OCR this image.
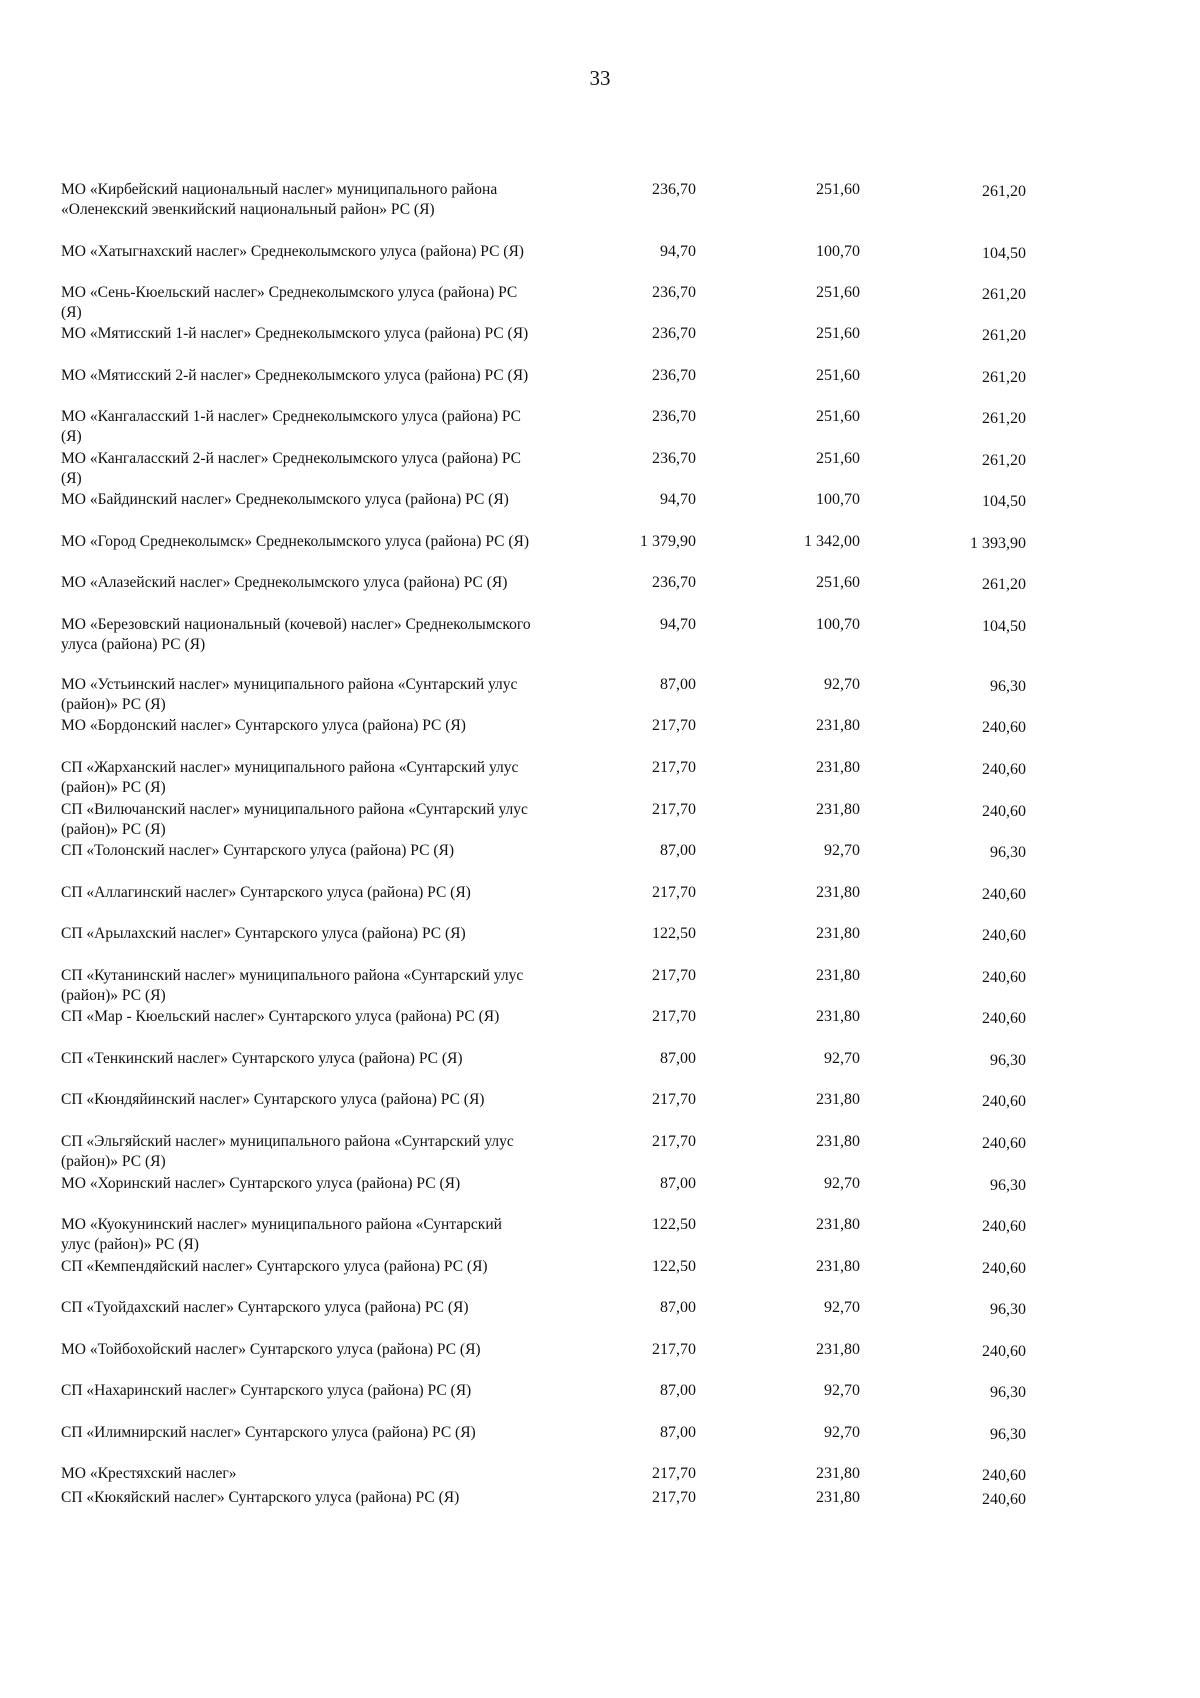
33
МО «Кирбейский национальный наслег» муниципального района «Оленекский эвенкийский национальный район» РС (Я)
236,70	251,60	261,20
МО «Хатыгнахский наслег» Среднеколымского улуса (района) РС (Я)	94,70	100,70	104,50
МО «Сень-Кюельский наслег» Среднеколымского улуса (района) РС (Я)
236,70	251,60	261,20
МО «Мятисский 1-й наслег» Среднеколымского улуса (района) РС (Я)	236,70	251,60	261,20
МО «Мятисский 2-й наслег» Среднеколымского улуса (района) РС (Я)	236,70	251,60	261,20
МО «Кангаласский 1-й наслег» Среднеколымского улуса (района) РС (Я)
236,70	251,60	261,20
МО «Кангаласский 2-й наслег» Среднеколымского улуса (района) РС (Я)
236,70	251,60	261,20
МО «Байдинский наслег» Среднеколымского улуса (района) РС (Я)	94,70	100,70	104,50
МО «Город Среднеколымск» Среднеколымского улуса (района) РС (Я)	1 379,90	1 342,00	1 393,90
МО «Алазейский наслег» Среднеколымского улуса (района) РС (Я)	236,70	251,60	261,20
МО «Березовский национальный (кочевой) наслег» Среднеколымского улуса (района) РС (Я)
94,70	100,70	104,50
МО «Устьинский наслег» муниципального района «Сунтарский улус (район)» РС (Я)
87,00	92,70	96,30
МО «Бордонский наслег» Сунтарского улуса (района) РС (Я)	217,70	231,80	240,60
СП «Жарханский наслег» муниципального района «Сунтарский улус (район)» РС (Я)
217,70	231,80	240,60
СП «Вилючанский наслег» муниципального района «Сунтарский улус (район)» РС (Я)
217,70	231,80	240,60
СП «Толонский наслег» Сунтарского улуса (района) РС (Я)	87,00	92,70	96,30
СП «Аллагинский наслег» Сунтарского улуса (района) РС (Я)	217,70	231,80	240,60
СП «Арылахский наслег» Сунтарского улуса (района) РС (Я)	122,50	231,80	240,60
СП «Кутанинский наслег» муниципального района «Сунтарский улус (район)» РС (Я)
217,70	231,80	240,60
СП «Мар - Кюельский наслег» Сунтарского улуса (района) РС (Я)	217,70	231,80	240,60
СП «Тенкинский наслег» Сунтарского улуса (района) РС (Я)	87,00	92,70	96,30
СП «Кюндяйинский наслег» Сунтарского улуса (района) РС (Я)	217,70	231,80	240,60
СП «Эльгяйский наслег» муниципального района «Сунтарский улус (район)» РС (Я)
217,70	231,80	240,60
МО «Хоринский наслег» Сунтарского улуса (района) РС (Я)	87,00	92,70	96,30
МО «Куокунинский наслег» муниципального района «Сунтарский улус (район)» РС (Я)
122,50	231,80	240,60
СП «Кемпендяйский наслег» Сунтарского улуса (района) РС (Я)	122,50	231,80	240,60
СП «Туойдахский наслег» Сунтарского улуса (района) РС (Я)	87,00	92,70	96,30
МО «Тойбохойский наслег» Сунтарского улуса (района) РС (Я)	217,70	231,80	240,60
СП «Нахаринский наслег» Сунтарского улуса (района) РС (Я)	87,00	92,70	96,30
СП «Илимнирский наслег» Сунтарского улуса (района) РС (Я)	87,00	92,70	96,30
МО «Крестяхский наслег»	217,70	231,80	240,60
СП «Кюкяйский наслег» Сунтарского улуса (района) РС (Я)	217,70	231,80	240,60
